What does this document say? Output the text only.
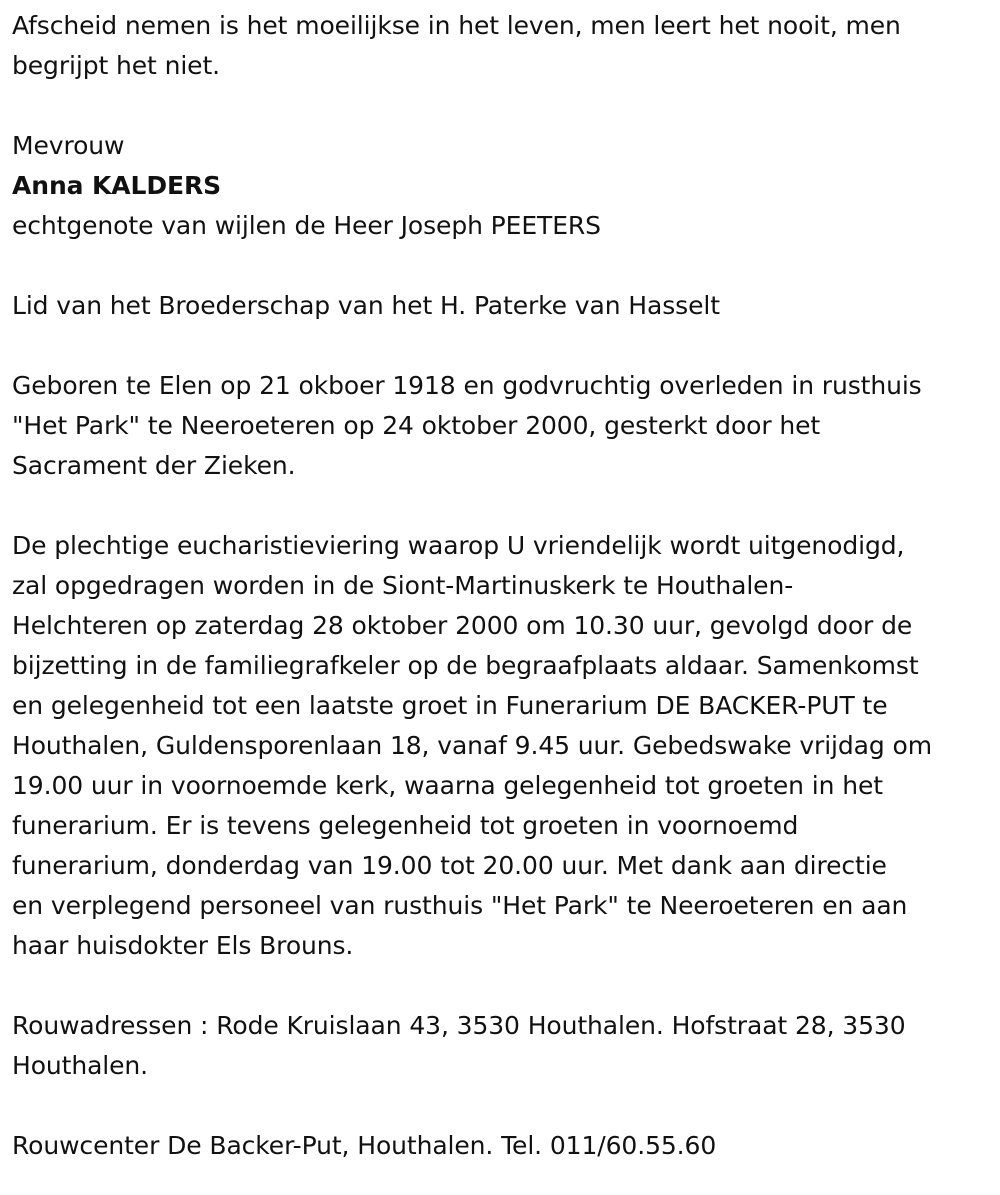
Afscheid nemen is het moeilijkse in het leven, men leert het nooit, men
begrijpt het niet.

Mevrouw

Anna KALDERS

echtgenote van wijlen de Heer Joseph PEETERS

Lid van het Broederschap van het H. Paterke van Hasselt

Geboren te Elen op 21 okboer 1918 en godvruchtig overleden in rusthuis
"Het Park" te Neeroeteren op 24 oktober 2000, gesterkt door het
Sacrament der Zieken.

De plechtige eucharistieviering waarop U vriendelijk wordt uitgenodigd,
zal opgedragen worden in de Siont-Martinuskerk te Houthalen-
Helchteren op zaterdag 28 oktober 2000 om 10.30 uur, gevolgd door de
bijzetting in de familiegrafkeler op de begraafplaats aldaar. Samenkomst
en gelegenheid tot een laatste groet in Funerarium DE BACKER-PUT te
Houthalen, Guldensporenlaan 18, vanaf 9.45 uur. Gebedswake vrijdag om
19.00 uur in voornoemde kerk, waarna gelegenheid tot groeten in het
funerarium. Er is tevens gelegenheid tot groeten in voornoemd
funerarium, donderdag van 19.00 tot 20.00 uur. Met dank aan directie
en verplegend personeel van rusthuis "Het Park" te Neeroeteren en aan
haar huisdokter Els Brouns.

Rouwadressen : Rode Kruislaan 43, 3530 Houthalen. Hofstraat 28, 3530
Houthalen.

Rouwcenter De Backer-Put, Houthalen. Tel. 011/60.55.60
